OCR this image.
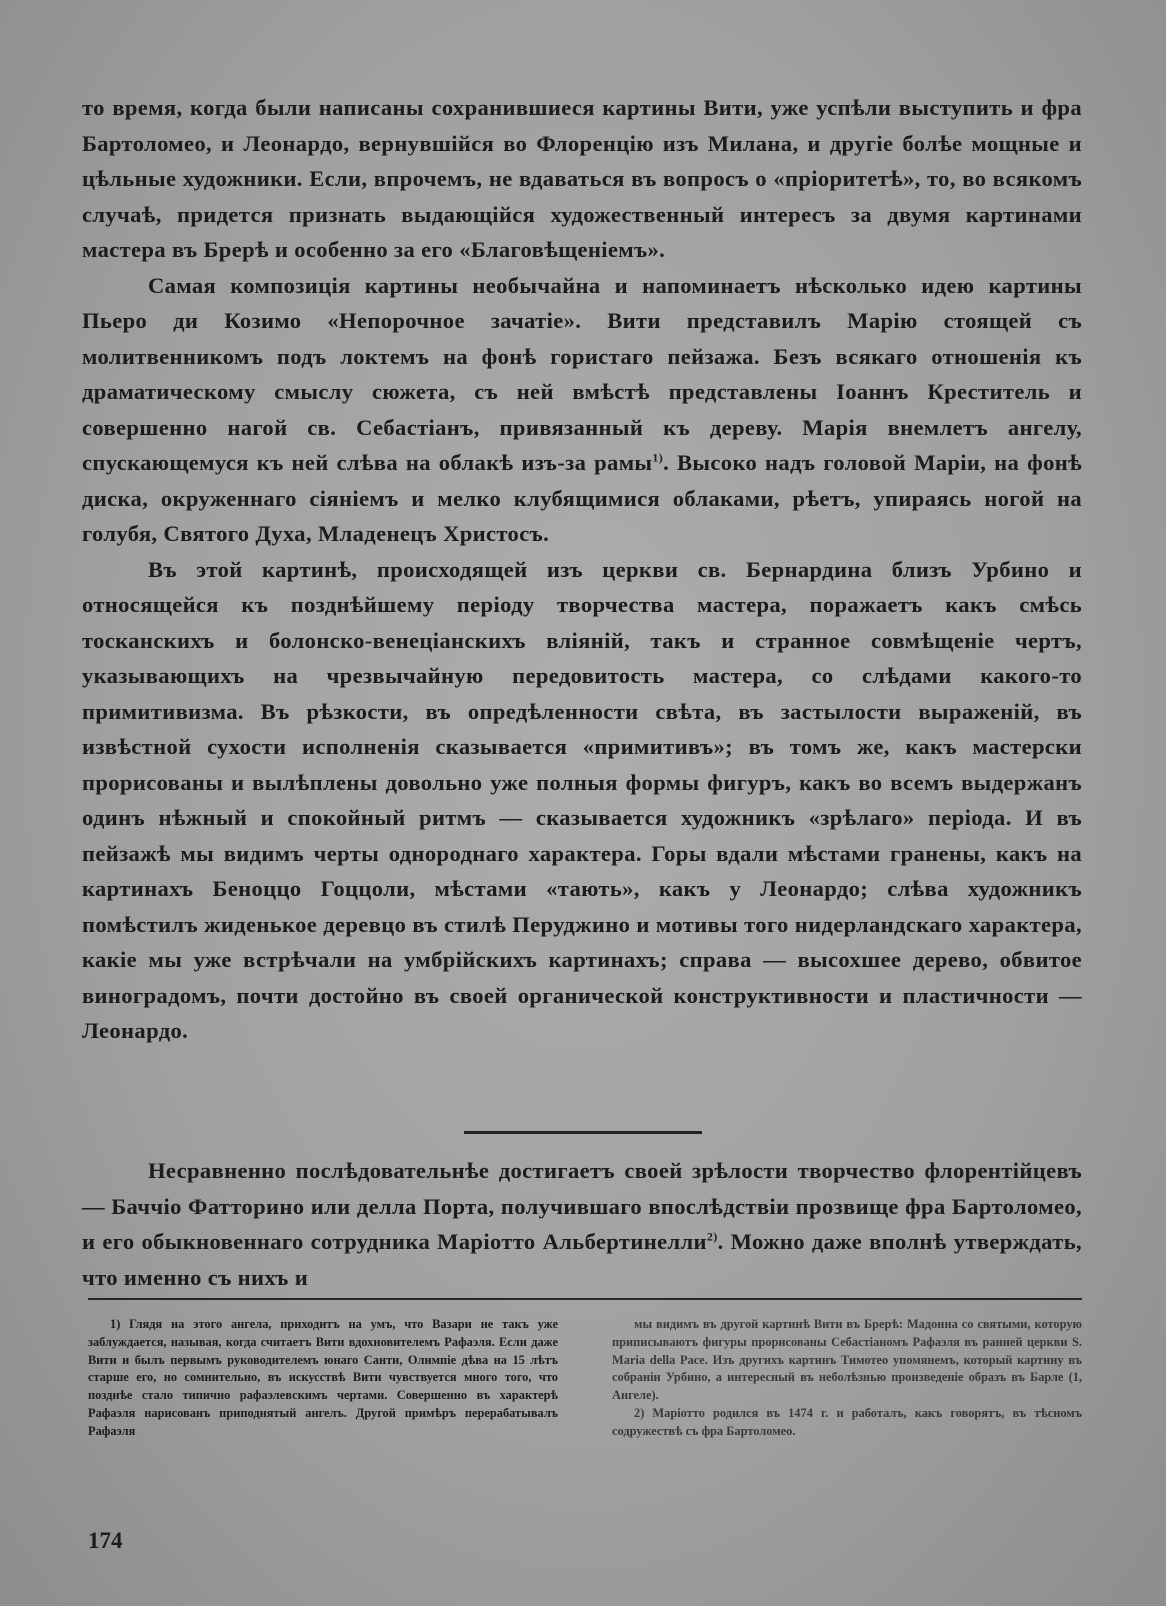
то время, когда были написаны сохранившиеся картины Вити, уже успѣли выступить и фра Бартоломео, и Леонардо, вернувшійся во Флоренцію изъ Милана, и другіе болѣе мощные и цѣльные художники. Если, впрочемъ, не вдаваться въ вопросъ о «пріоритетѣ», то, во всякомъ случаѣ, придется признать выдающійся художественный интересъ за двумя картинами мастера въ Брерѣ и особенно за его «Благовѣщеніемъ».

Самая композиція картины необычайна и напоминаетъ нѣсколько идею картины Пьеро ди Козимо «Непорочное зачатіе». Вити представилъ Марію стоящей съ молитвенникомъ подъ локтемъ на фонѣ гористаго пейзажа. Безъ всякаго отношенія къ драматическому смыслу сюжета, съ ней вмѣстѣ представлены Іоаннъ Креститель и совершенно нагой св. Себастіанъ, привязанный къ дереву. Марія внемлетъ ангелу, спускающемуся къ ней слѣва на облакѣ изъ-за рамы$^{1)}$. Высоко надъ головой Маріи, на фонѣ диска, окруженнаго сіяніемъ и мелко клубящимися облаками, рѣетъ, упираясь ногой на голубя, Святого Духа, Младенецъ Христосъ.

Въ этой картинѣ, происходящей изъ церкви св. Бернардина близъ Урбино и относящейся къ позднѣйшему періоду творчества мастера, поражаетъ какъ смѣсь тосканскихъ и болонско-венеціанскихъ вліяній, такъ и странное совмѣщеніе чертъ, указывающихъ на чрезвычайную передовитость мастера, со слѣдами какого-то примитивизма. Въ рѣзкости, въ опредѣленности свѣта, въ застылости выраженій, въ извѣстной сухости исполненія сказывается «примитивъ»; въ томъ же, какъ мастерски прорисованы и вылѣплены довольно уже полныя формы фигуръ, какъ во всемъ выдержанъ одинъ нѣжный и спокойный ритмъ — сказывается художникъ «зрѣлаго» періода. И въ пейзажѣ мы видимъ черты однороднаго характера. Горы вдали мѣстами гранены, какъ на картинахъ Беноццо Гоццоли, мѣстами «тають», какъ у Леонардо; слѣва художникъ помѣстилъ жиденькое деревцо въ стилѣ Перуджино и мотивы того нидерландскаго характера, какіе мы уже встрѣчали на умбрійскихъ картинахъ; справа — высохшее дерево, обвитое виноградомъ, почти достойно въ своей органической конструктивности и пластичности — Леонардо.

Несравненно послѣдовательнѣе достигаетъ своей зрѣлости творчество флорентійцевъ — Баччіо Фатторино или делла Порта, получившаго впослѣдствіи прозвище фра Бартоломео, и его обыкновеннаго сотрудника Маріотто Альбертинелли$^{2)}$. Можно даже вполнѣ утверждать, что именно съ нихъ и

1) Глядя на этого ангела, приходитъ на умъ, что Вазари не такъ уже заблуждается, называя, когда считаетъ Вити вдохновителемъ Рафаэля. Если даже Вити и былъ первымъ руководителемъ юнаго Санти, Олимпіе дѣва на 15 лѣтъ старше его, но сомнительно, въ искусствѣ Вити чувствуется много того, что позднѣе стало типично рафаэлевскимъ чертами. Совершенно въ характерѣ Рафаэля нарисованъ приподнятый ангелъ. Другой примѣръ перерабатывалъ Рафаэля

мы видимъ въ другой картинѣ Вити въ Брерѣ: Мадонна со святыми, которую приписываютъ фигуры прорисованы Себастіаномъ Рафаэля въ ранней церкви S. Maria della Pace. Изъ другихъ картинъ Тимотео упомянемъ, который картину въ собраніи Урбино, а интересный въ неболѣзнью произведеніе образъ въ Барле (1, Ангеле).

2) Маріотто родился въ 1474 г. и работалъ, какъ говорятъ, въ тѣсномъ содружествѣ съ фра Бартоломео.

174
